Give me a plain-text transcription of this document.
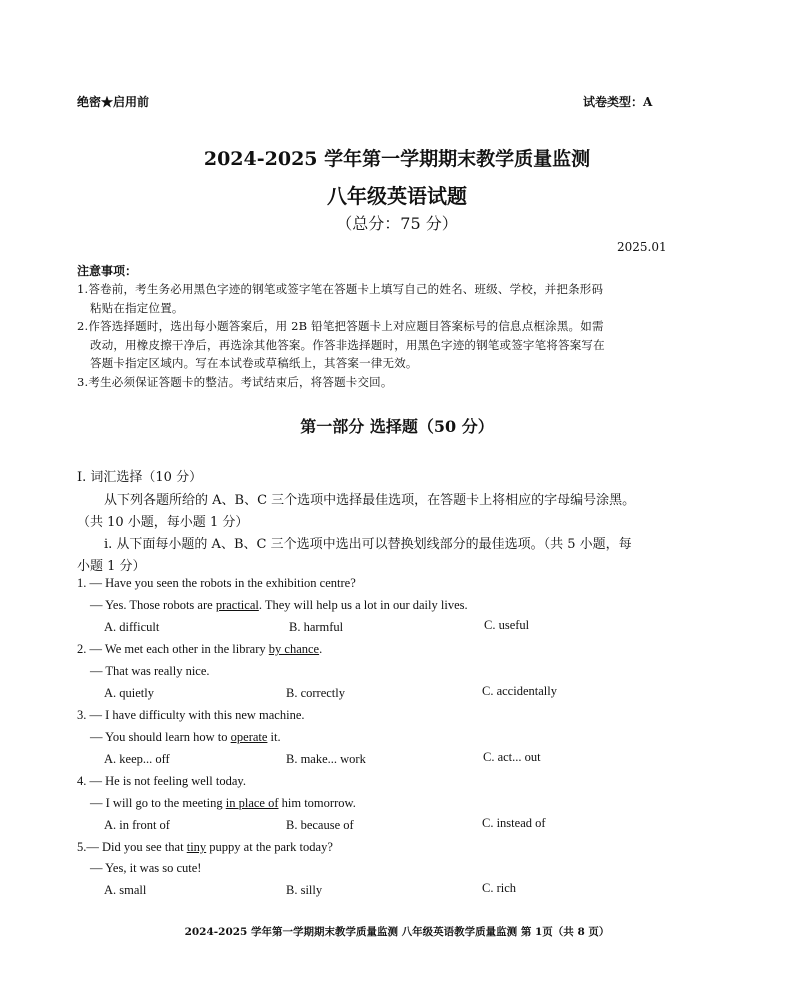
绝密★启用前	试卷类型：A
2024-2025 学年第一学期期末教学质量监测
八年级英语试题
（总分：75 分）
2025.01
注意事项：
1.答卷前，考生务必用黑色字迹的钢笔或签字笔在答题卡上填写自己的姓名、班级、学校，并把条形码
粘贴在指定位置。
2.作答选择题时，选出每小题答案后，用 2B 铅笔把答题卡上对应题目答案标号的信息点框涂黑。如需
改动，用橡皮擦干净后，再选涂其他答案。作答非选择题时，用黑色字迹的钢笔或签字笔将答案写在
答题卡指定区域内。写在本试卷或草稿纸上，其答案一律无效。
3.考生必须保证答题卡的整洁。考试结束后，将答题卡交回。
第一部分 选择题（50 分）
I. 词汇选择（10 分）
从下列各题所给的 A、B、C 三个选项中选择最佳选项，在答题卡上将相应的字母编号涂黑。
（共 10 小题，每小题 1 分）
i. 从下面每小题的 A、B、C 三个选项中选出可以替换划线部分的最佳选项。（共 5 小题，每
小题 1 分）
1. — Have you seen the robots in the exhibition centre?
— Yes. Those robots are practical. They will help us a lot in our daily lives.
A. difficult	B. harmful	C. useful
2. — We met each other in the library by chance.
— That was really nice.
A. quietly	B. correctly	C. accidentally
3. — I have difficulty with this new machine.
— You should learn how to operate it.
A. keep... off	B. make... work	C. act... out
4. — He is not feeling well today.
— I will go to the meeting in place of him tomorrow.
A. in front of	B. because of	C. instead of
5.— Did you see that tiny puppy at the park today?
— Yes, it was so cute!
A. small	B. silly	C. rich
2024-2025 学年第一学期期末教学质量监测 八年级英语教学质量监测 第 1页（共 8 页）
